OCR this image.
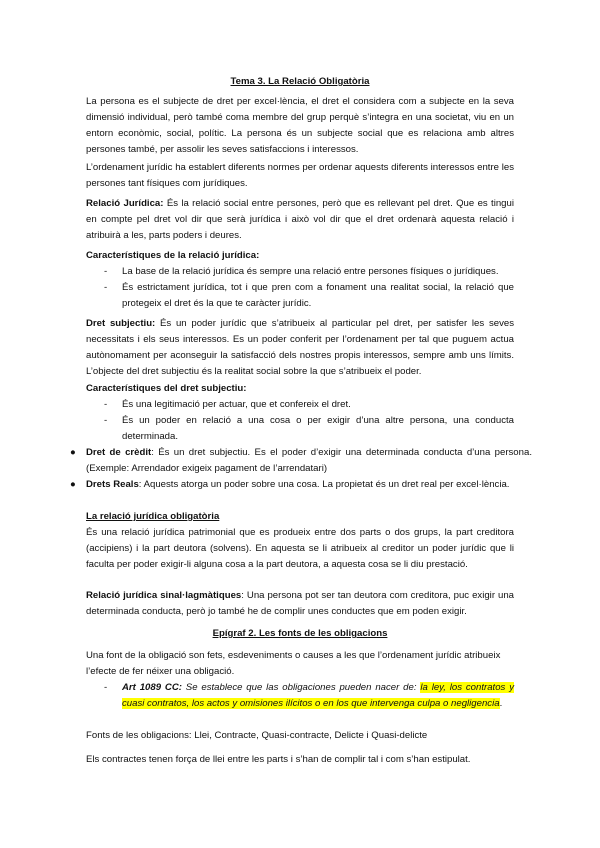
Tema 3. La Relació Obligatòria
La persona es el subjecte de dret per excel·lència, el dret el considera com a subjecte en la seva dimensió individual, però també coma membre del grup perquè s’integra en una societat, viu en un entorn econòmic, social, polític. La persona és un subjecte social que es relaciona amb altres persones també, per assolir les seves satisfaccions i interessos.
L’ordenament jurídic ha establert diferents normes per ordenar aquests diferents interessos entre les persones tant físiques com jurídiques.
Relació Jurídica: És la relació social entre persones, però que es rellevant pel dret. Que es tingui en compte pel dret vol dir que serà jurídica i això vol dir que el dret ordenarà aquesta relació i atribuirà a les, parts poders i deures.
Característiques de la relació jurídica:
- La base de la relació jurídica és sempre una relació entre persones físiques o jurídiques.
- És estrictament jurídica, tot i que pren com a fonament una realitat social, la relació que protegeix el dret és la que te caràcter jurídic.
Dret subjectiu: És un poder jurídic que s’atribueix al particular pel dret, per satisfer les seves necessitats i els seus interessos. Es un poder conferit per l’ordenament per tal que puguem actua autònomament per aconseguir la satisfacció dels nostres propis interessos, sempre amb uns límits. L’objecte del dret subjectiu és la realitat social sobre la que s’atribueix el poder.
Característiques del dret subjectiu:
- És una legitimació per actuar, que et confereix el dret.
- És un poder en relació a una cosa o per exigir d’una altre persona, una conducta determinada.
● Dret de crèdit: És un dret subjectiu. Es el poder d’exigir una determinada conducta d’una persona. (Exemple: Arrendador exigeix pagament de l’arrendatari)
● Drets Reals: Aquests atorga un poder sobre una cosa. La propietat és un dret real per excel·lència.
La relació jurídica obligatòria
És una relació jurídica patrimonial que es produeix entre dos parts o dos grups, la part creditora (accipiens) i la part deutora (solvens). En aquesta se li atribueix al creditor un poder jurídic que li faculta per poder exigir-li alguna cosa a la part deutora, a aquesta cosa se li diu prestació.
Relació jurídica sinal·lagmàtiques: Una persona pot ser tan deutora com creditora, puc exigir una determinada conducta, però jo també he de complir unes conductes que em poden exigir.
Epígraf 2. Les fonts de les obligacions
Una font de la obligació son fets, esdeveniments o causes a les que l’ordenament jurídic atribueix l’efecte de fer néixer una obligació.
- Art 1089 CC: Se establece que las obligaciones pueden nacer de: la ley, los contratos y cuasi contratos, los actos y omisiones ilícitos o en los que intervenga culpa o negligencia.
Fonts de les obligacions: Llei, Contracte, Quasi-contracte, Delicte i Quasi-delicte
Els contractes tenen força de llei entre les parts i s’han de complir tal i com s’han estipulat.
